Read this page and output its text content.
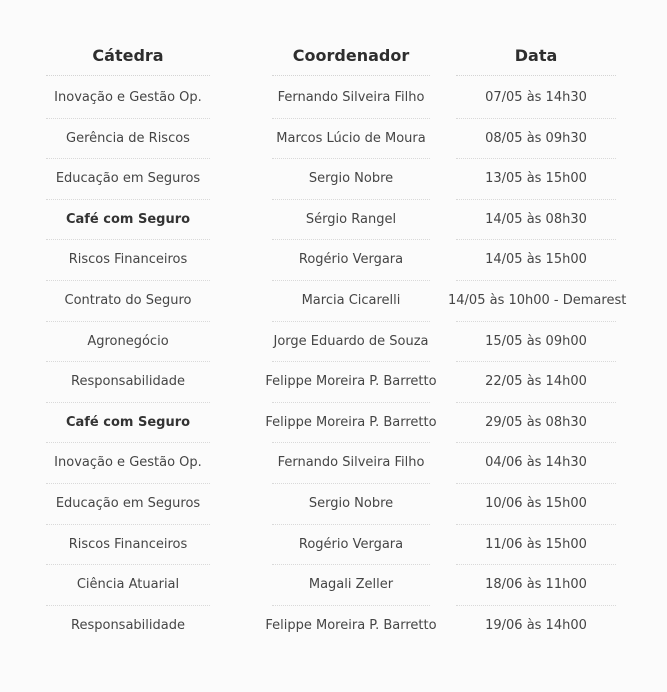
Cátedra	Coordenador	Data
Inovação e Gestão Op.	Fernando Silveira Filho	07/05 às 14h30
Gerência de Riscos	Marcos Lúcio de Moura	08/05 às 09h30
Educação em Seguros	Sergio Nobre	13/05 às 15h00
Café com Seguro	Sérgio Rangel	14/05 às 08h30
Riscos Financeiros	Rogério Vergara	14/05 às 15h00
Contrato do Seguro	Marcia Cicarelli	14/05 às 10h00 - Demarest
Agronegócio	Jorge Eduardo de Souza	15/05 às 09h00
Responsabilidade	Felippe Moreira P. Barretto	22/05 às 14h00
Café com Seguro	Felippe Moreira P. Barretto	29/05 às 08h30
Inovação e Gestão Op.	Fernando Silveira Filho	04/06 às 14h30
Educação em Seguros	Sergio Nobre	10/06 às 15h00
Riscos Financeiros	Rogério Vergara	11/06 às 15h00
Ciência Atuarial	Magali Zeller	18/06 às 11h00
Responsabilidade	Felippe Moreira P. Barretto	19/06 às 14h00
